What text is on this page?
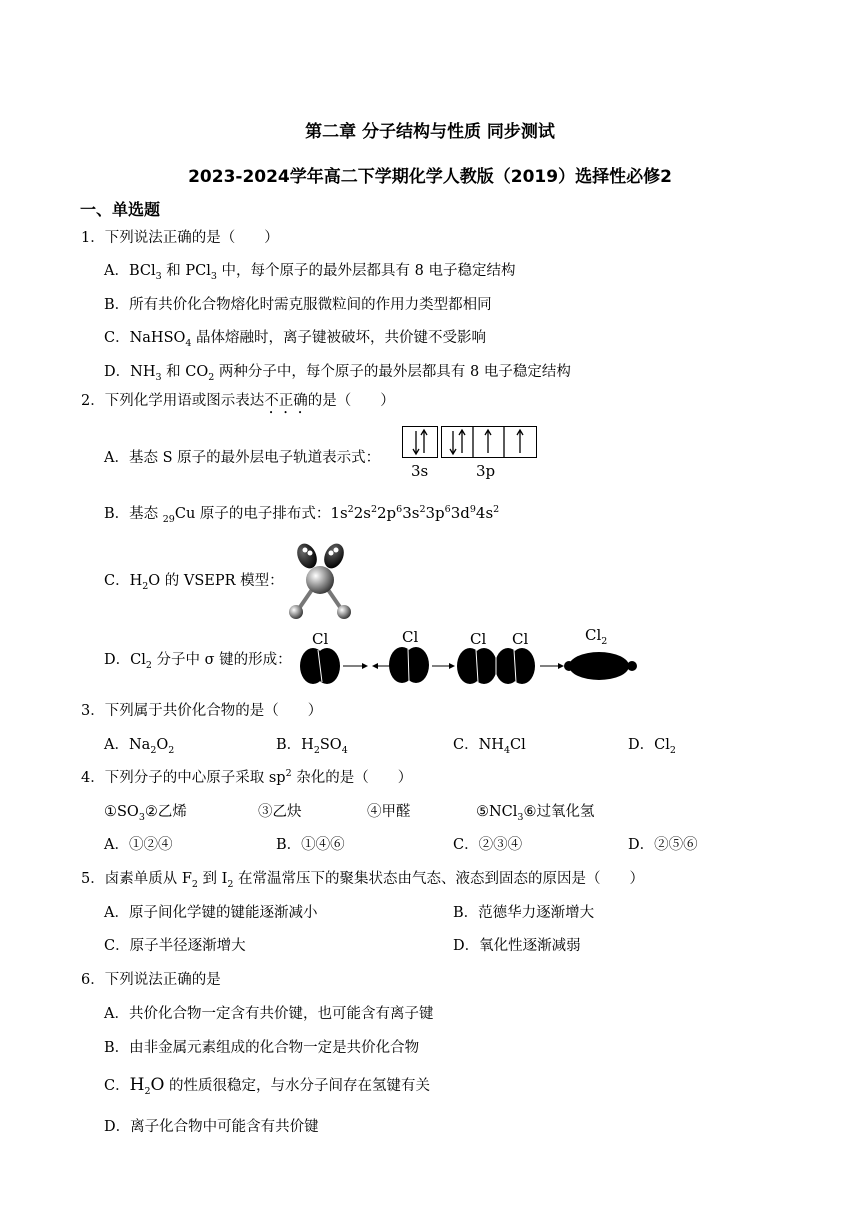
第二章 分子结构与性质 同步测试
2023-2024学年高二下学期化学人教版（2019）选择性必修2
一、单选题
1．下列说法正确的是（　　）
A．BCl$_3$ 和 PCl$_3$ 中，每个原子的最外层都具有 8 电子稳定结构
B．所有共价化合物熔化时需克服微粒间的作用力类型都相同
C．NaHSO$_4$ 晶体熔融时，离子键被破坏，共价键不受影响
D．$NH_3$ 和 $CO_2$ 两种分子中，每个原子的最外层都具有 8 电子稳定结构
2．下列化学用语或图示表达不正确的是（　　）
A．基态 S 原子的最外层电子轨道表示式：
3s	3p
B．基态 $_{29}$Cu 原子的电子排布式：$1s^22s^22p^63s^23p^63d^94s^2$
C．$H_2O$ 的 VSEPR 模型：
D．$Cl_2$ 分子中 σ 键的形成：
Cl	Cl	Cl Cl	$Cl_2$
3．下列属于共价化合物的是（　　）
A．$Na_2O_2$	B．$H_2SO_4$	C．$NH_4Cl$	D．$Cl_2$
4．下列分子的中心原子采取 $sp^2$ 杂化的是（　　）
$①SO_3②$乙烯	③乙炔	④甲醛	⑤NCl$_3$⑥过氧化氢
A．①②④	B．①④⑥	C．②③④	D．②⑤⑥
5．卤素单质从 $F_2$ 到 $I_2$ 在常温常压下的聚集状态由气态、液态到固态的原因是（　　）
A．原子间化学键的键能逐渐减小	B．范德华力逐渐增大
C．原子半径逐渐增大	D．氧化性逐渐减弱
6．下列说法正确的是
A．共价化合物一定含有共价键，也可能含有离子键
B．由非金属元素组成的化合物一定是共价化合物
C．$H_2O$ 的性质很稳定，与水分子间存在氢键有关
D．离子化合物中可能含有共价键
